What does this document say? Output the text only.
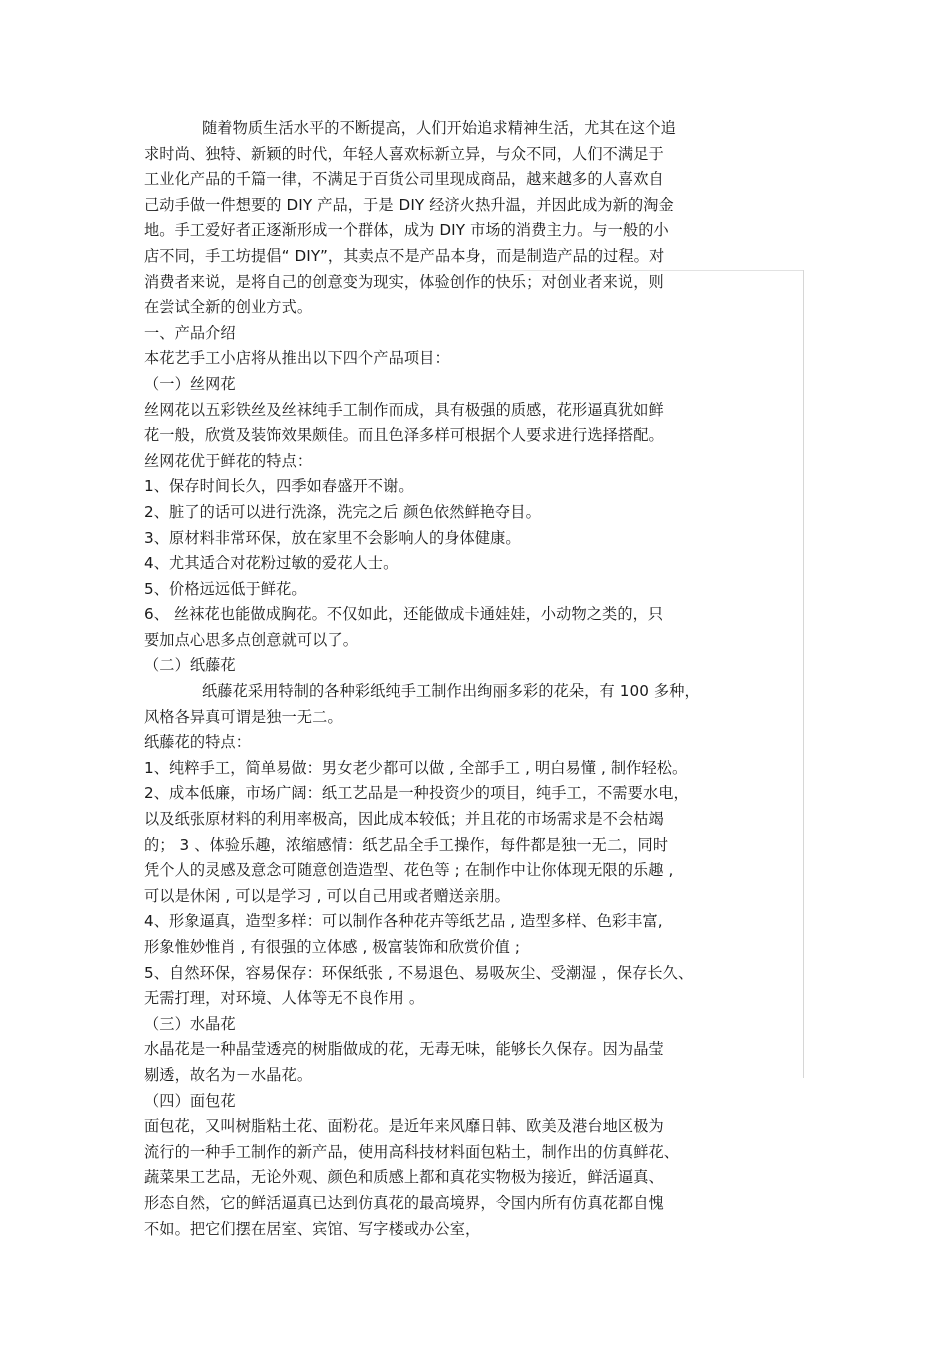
随着物质生活水平的不断提高，人们开始追求精神生活，尤其在这个追
求时尚、独特、新颖的时代，年轻人喜欢标新立异，与众不同，人们不满足于
工业化产品的千篇一律，不满足于百货公司里现成商品，越来越多的人喜欢自
己动手做一件想要的 DIY 产品，于是 DIY 经济火热升温，并因此成为新的淘金
地。手工爱好者正逐渐形成一个群体，成为 DIY 市场的消费主力。与一般的小
店不同，手工坊提倡“ DIY”，其卖点不是产品本身，而是制造产品的过程。对
消费者来说，是将自己的创意变为现实，体验创作的快乐；对创业者来说，则
在尝试全新的创业方式。
一、产品介绍
本花艺手工小店将从推出以下四个产品项目：
（一）丝网花
丝网花以五彩铁丝及丝袜纯手工制作而成，具有极强的质感，花形逼真犹如鲜
花一般，欣赏及装饰效果颇佳。而且色泽多样可根据个人要求进行选择搭配。
丝网花优于鲜花的特点：
1、保存时间长久，四季如春盛开不谢。
2、脏了的话可以进行洗涤，洗完之后 颜色依然鲜艳夺目。
3、原材料非常环保，放在家里不会影响人的身体健康。
4、尤其适合对花粉过敏的爱花人士。
5、价格远远低于鲜花。
6、 丝袜花也能做成胸花。不仅如此，还能做成卡通娃娃，小动物之类的，只
要加点心思多点创意就可以了。
（二）纸藤花
纸藤花采用特制的各种彩纸纯手工制作出绚丽多彩的花朵，有 100 多种，
风格各异真可谓是独一无二。
纸藤花的特点：
1、纯粹手工，简单易做：男女老少都可以做 , 全部手工 , 明白易懂 , 制作轻松。
2、成本低廉，市场广阔：纸工艺品是一种投资少的项目，纯手工，不需要水电，
以及纸张原材料的利用率极高，因此成本较低；并且花的市场需求是不会枯竭
的； 3 、体验乐趣，浓缩感情：纸艺品全手工操作，每件都是独一无二，同时
凭个人的灵感及意念可随意创造造型、花色等 ; 在制作中让你体现无限的乐趣 ,
可以是休闲 , 可以是学习 , 可以自己用或者赠送亲朋。
4、形象逼真，造型多样：可以制作各种花卉等纸艺品 , 造型多样、色彩丰富,
形象惟妙惟肖 , 有很强的立体感 , 极富装饰和欣赏价值 ;
5、自然环保，容易保存：环保纸张 , 不易退色、易吸灰尘、受潮湿 ，保存长久、
无需打理，对环境、人体等无不良作用 。
（三）水晶花
水晶花是一种晶莹透亮的树脂做成的花，无毒无味，能够长久保存。因为晶莹
剔透，故名为－水晶花。
（四）面包花
面包花，又叫树脂粘土花、面粉花。是近年来风靡日韩、欧美及港台地区极为
流行的一种手工制作的新产品，使用高科技材料面包粘土，制作出的仿真鲜花、
蔬菜果工艺品，无论外观、颜色和质感上都和真花实物极为接近，鲜活逼真、
形态自然，它的鲜活逼真已达到仿真花的最高境界，令国内所有仿真花都自愧
不如。把它们摆在居室、宾馆、写字楼或办公室，
